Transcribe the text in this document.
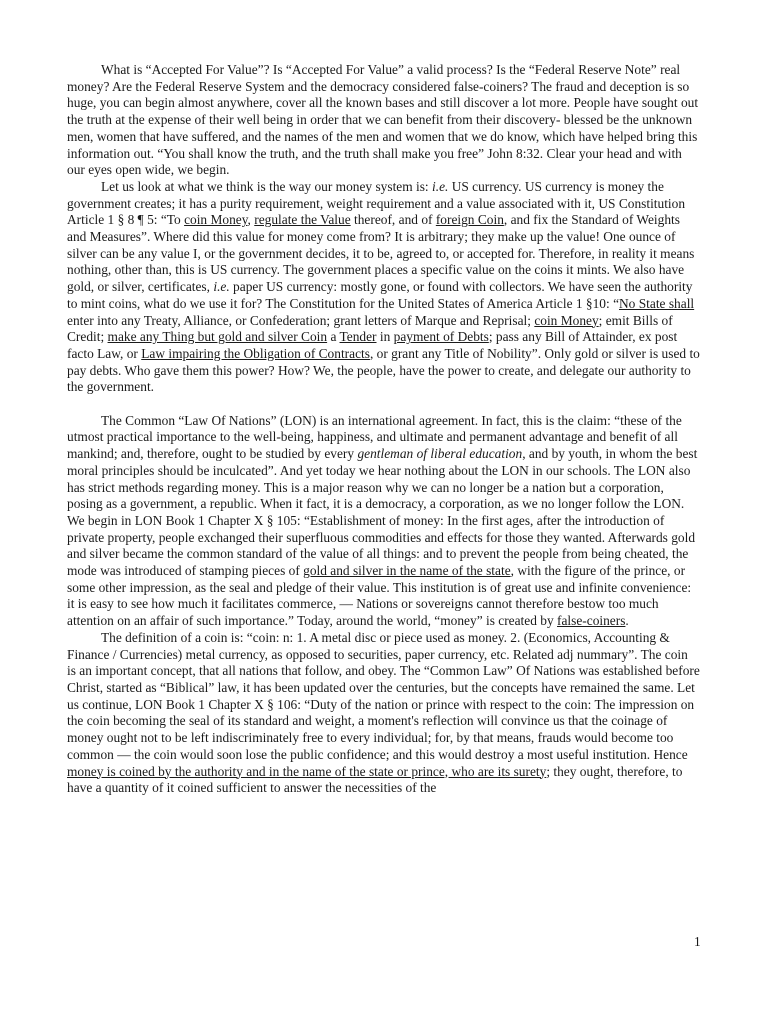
What is “Accepted For Value”? Is “Accepted For Value” a valid process? Is the “Federal Reserve Note” real money? Are the Federal Reserve System and the democracy considered false-coiners? The fraud and deception is so huge, you can begin almost anywhere, cover all the known bases and still discover a lot more. People have sought out the truth at the expense of their well being in order that we can benefit from their discovery- blessed be the unknown men, women that have suffered, and the names of the men and women that we do know, which have helped bring this information out. “You shall know the truth, and the truth shall make you free” John 8:32. Clear your head and with our eyes open wide, we begin.

Let us look at what we think is the way our money system is: i.e. US currency. US currency is money the government creates; it has a purity requirement, weight requirement and a value associated with it, US Constitution Article 1 § 8 ¶ 5: “To coin Money, regulate the Value thereof, and of foreign Coin, and fix the Standard of Weights and Measures”. Where did this value for money come from? It is arbitrary; they make up the value! One ounce of silver can be any value I, or the government decides, it to be, agreed to, or accepted for. Therefore, in reality it means nothing, other than, this is US currency. The government places a specific value on the coins it mints. We also have gold, or silver, certificates, i.e. paper US currency: mostly gone, or found with collectors. We have seen the authority to mint coins, what do we use it for? The Constitution for the United States of America Article 1 §10: “No State shall enter into any Treaty, Alliance, or Confederation; grant letters of Marque and Reprisal; coin Money; emit Bills of Credit; make any Thing but gold and silver Coin a Tender in payment of Debts; pass any Bill of Attainder, ex post facto Law, or Law impairing the Obligation of Contracts, or grant any Title of Nobility”. Only gold or silver is used to pay debts. Who gave them this power? How? We, the people, have the power to create, and delegate our authority to the government.

The Common “Law Of Nations” (LON) is an international agreement. In fact, this is the claim: “these of the utmost practical importance to the well-being, happiness, and ultimate and permanent advantage and benefit of all mankind; and, therefore, ought to be studied by every gentleman of liberal education, and by youth, in whom the best moral principles should be inculcated”. And yet today we hear nothing about the LON in our schools. The LON also has strict methods regarding money. This is a major reason why we can no longer be a nation but a corporation, posing as a government, a republic. When it fact, it is a democracy, a corporation, as we no longer follow the LON. We begin in LON Book 1 Chapter X § 105: “Establishment of money: In the first ages, after the introduction of private property, people exchanged their superfluous commodities and effects for those they wanted. Afterwards gold and silver became the common standard of the value of all things: and to prevent the people from being cheated, the mode was introduced of stamping pieces of gold and silver in the name of the state, with the figure of the prince, or some other impression, as the seal and pledge of their value. This institution is of great use and infinite convenience: it is easy to see how much it facilitates commerce, — Nations or sovereigns cannot therefore bestow too much attention on an affair of such importance.” Today, around the world, “money” is created by false-coiners.

The definition of a coin is: “coin: n: 1. A metal disc or piece used as money. 2. (Economics, Accounting & Finance / Currencies) metal currency, as opposed to securities, paper currency, etc. Related adj nummary”. The coin is an important concept, that all nations that follow, and obey. The “Common Law” Of Nations was established before Christ, started as “Biblical” law, it has been updated over the centuries, but the concepts have remained the same. Let us continue, LON Book 1 Chapter X § 106: “Duty of the nation or prince with respect to the coin: The impression on the coin becoming the seal of its standard and weight, a moment's reflection will convince us that the coinage of money ought not to be left indiscriminately free to every individual; for, by that means, frauds would become too common — the coin would soon lose the public confidence; and this would destroy a most useful institution. Hence money is coined by the authority and in the name of the state or prince, who are its surety; they ought, therefore, to have a quantity of it coined sufficient to answer the necessities of the

1
